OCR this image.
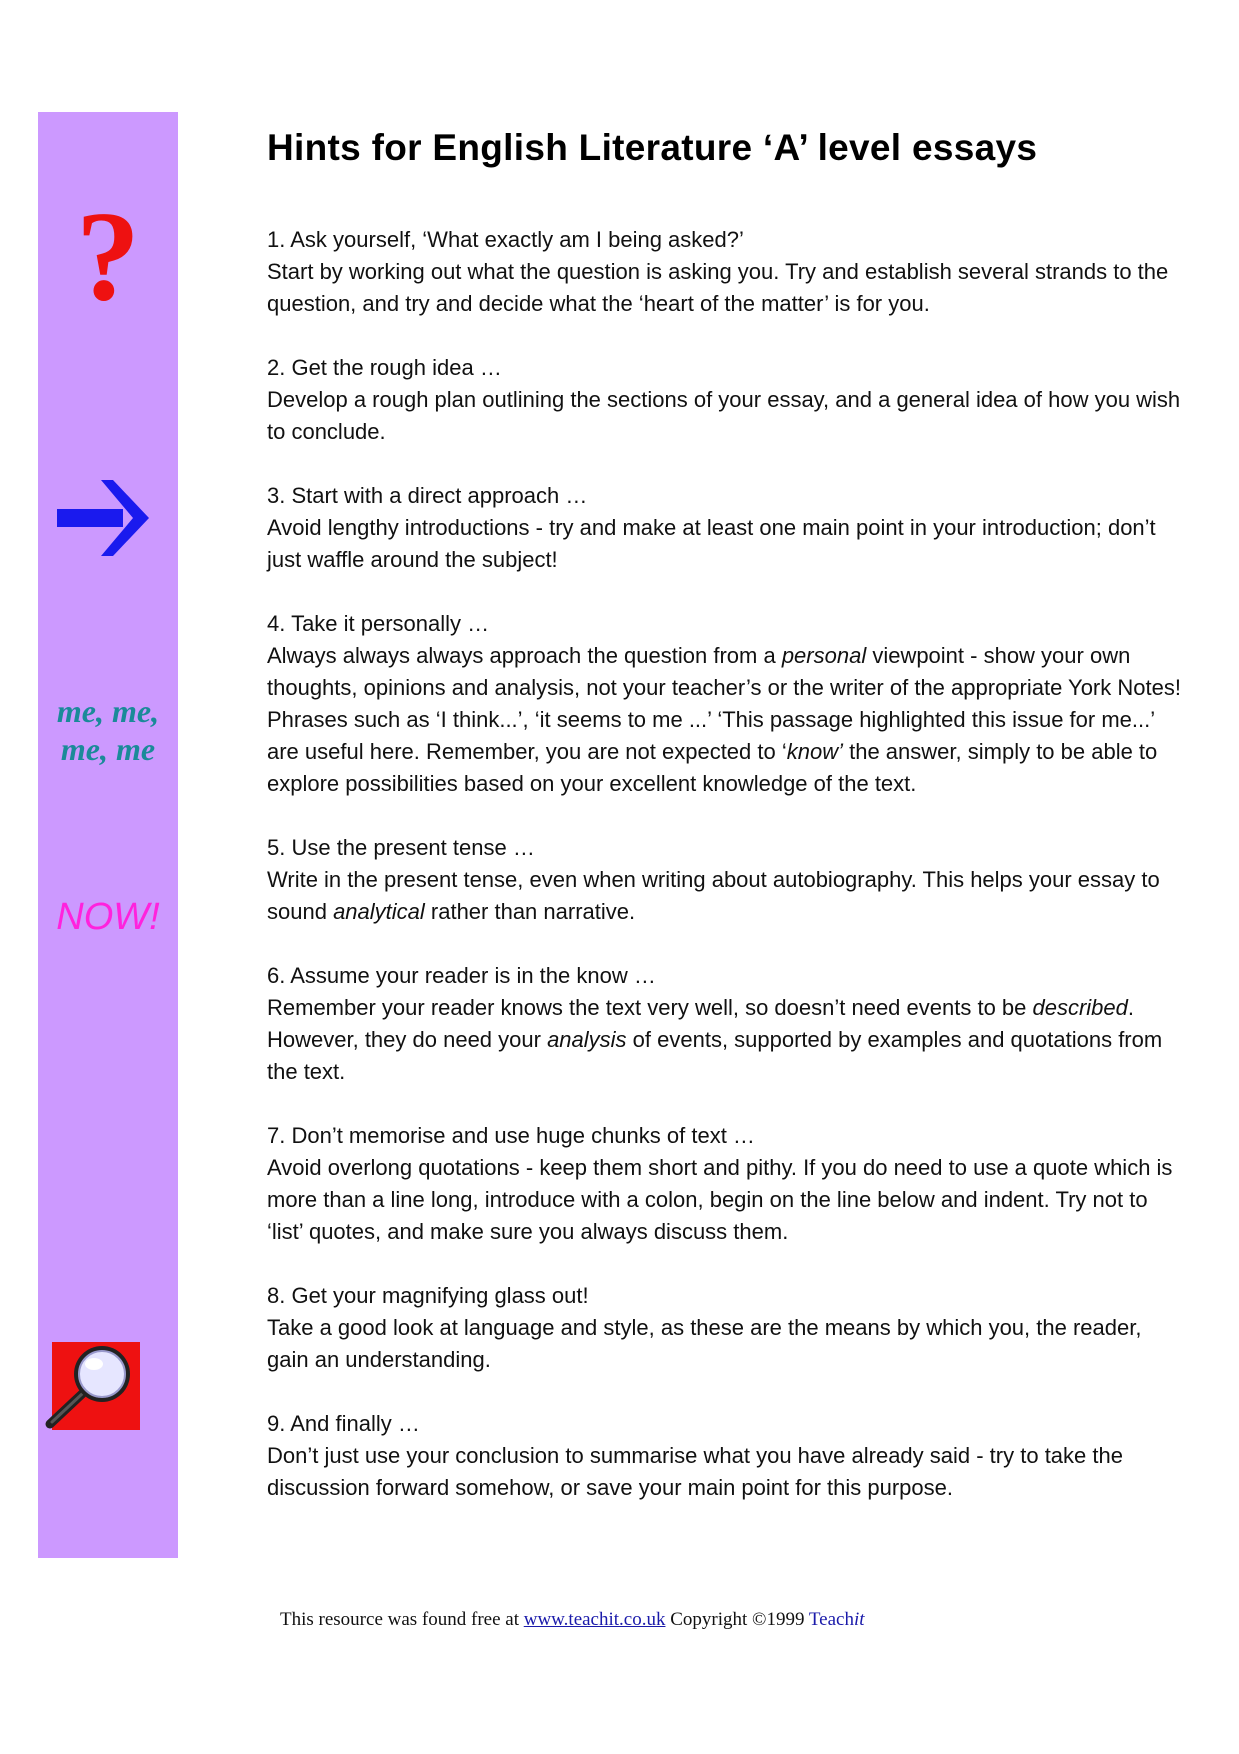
?
me, me,
me, me
NOW!
Hints for English Literature ‘A’ level essays
1. Ask yourself, ‘What exactly am I being asked?’
Start by working out what the question is asking you. Try and establish several strands to the question, and try and decide what the ‘heart of the matter’ is for you.
2. Get the rough idea …
Develop a rough plan outlining the sections of your essay, and a general idea of how you wish to conclude.
3. Start with a direct approach …
Avoid lengthy introductions - try and make at least one main point in your introduction; don’t just waffle around the subject!
4. Take it personally …
Always always always approach the question from a personal viewpoint - show your own thoughts, opinions and analysis, not your teacher’s or the writer of the appropriate York Notes! Phrases such as ‘I think...’, ‘it seems to me ...’ ‘This passage highlighted this issue for me...’ are useful here. Remember, you are not expected to ‘know’ the answer, simply to be able to explore possibilities based on your excellent knowledge of the text.
5. Use the present tense …
Write in the present tense, even when writing about autobiography. This helps your essay to sound analytical rather than narrative.
6. Assume your reader is in the know …
Remember your reader knows the text very well, so doesn’t need events to be described. However, they do need your analysis of events, supported by examples and quotations from the text.
7. Don’t memorise and use huge chunks of text …
Avoid overlong quotations - keep them short and pithy. If you do need to use a quote which is more than a line long, introduce with a colon, begin on the line below and indent. Try not to ‘list’ quotes, and make sure you always discuss them.
8. Get your magnifying glass out!
Take a good look at language and style, as these are the means by which you, the reader, gain an understanding.
9. And finally …
Don’t just use your conclusion to summarise what you have already said - try to take the discussion forward somehow, or save your main point for this purpose.
This resource was found free at www.teachit.co.uk Copyright ©1999 Teachit
